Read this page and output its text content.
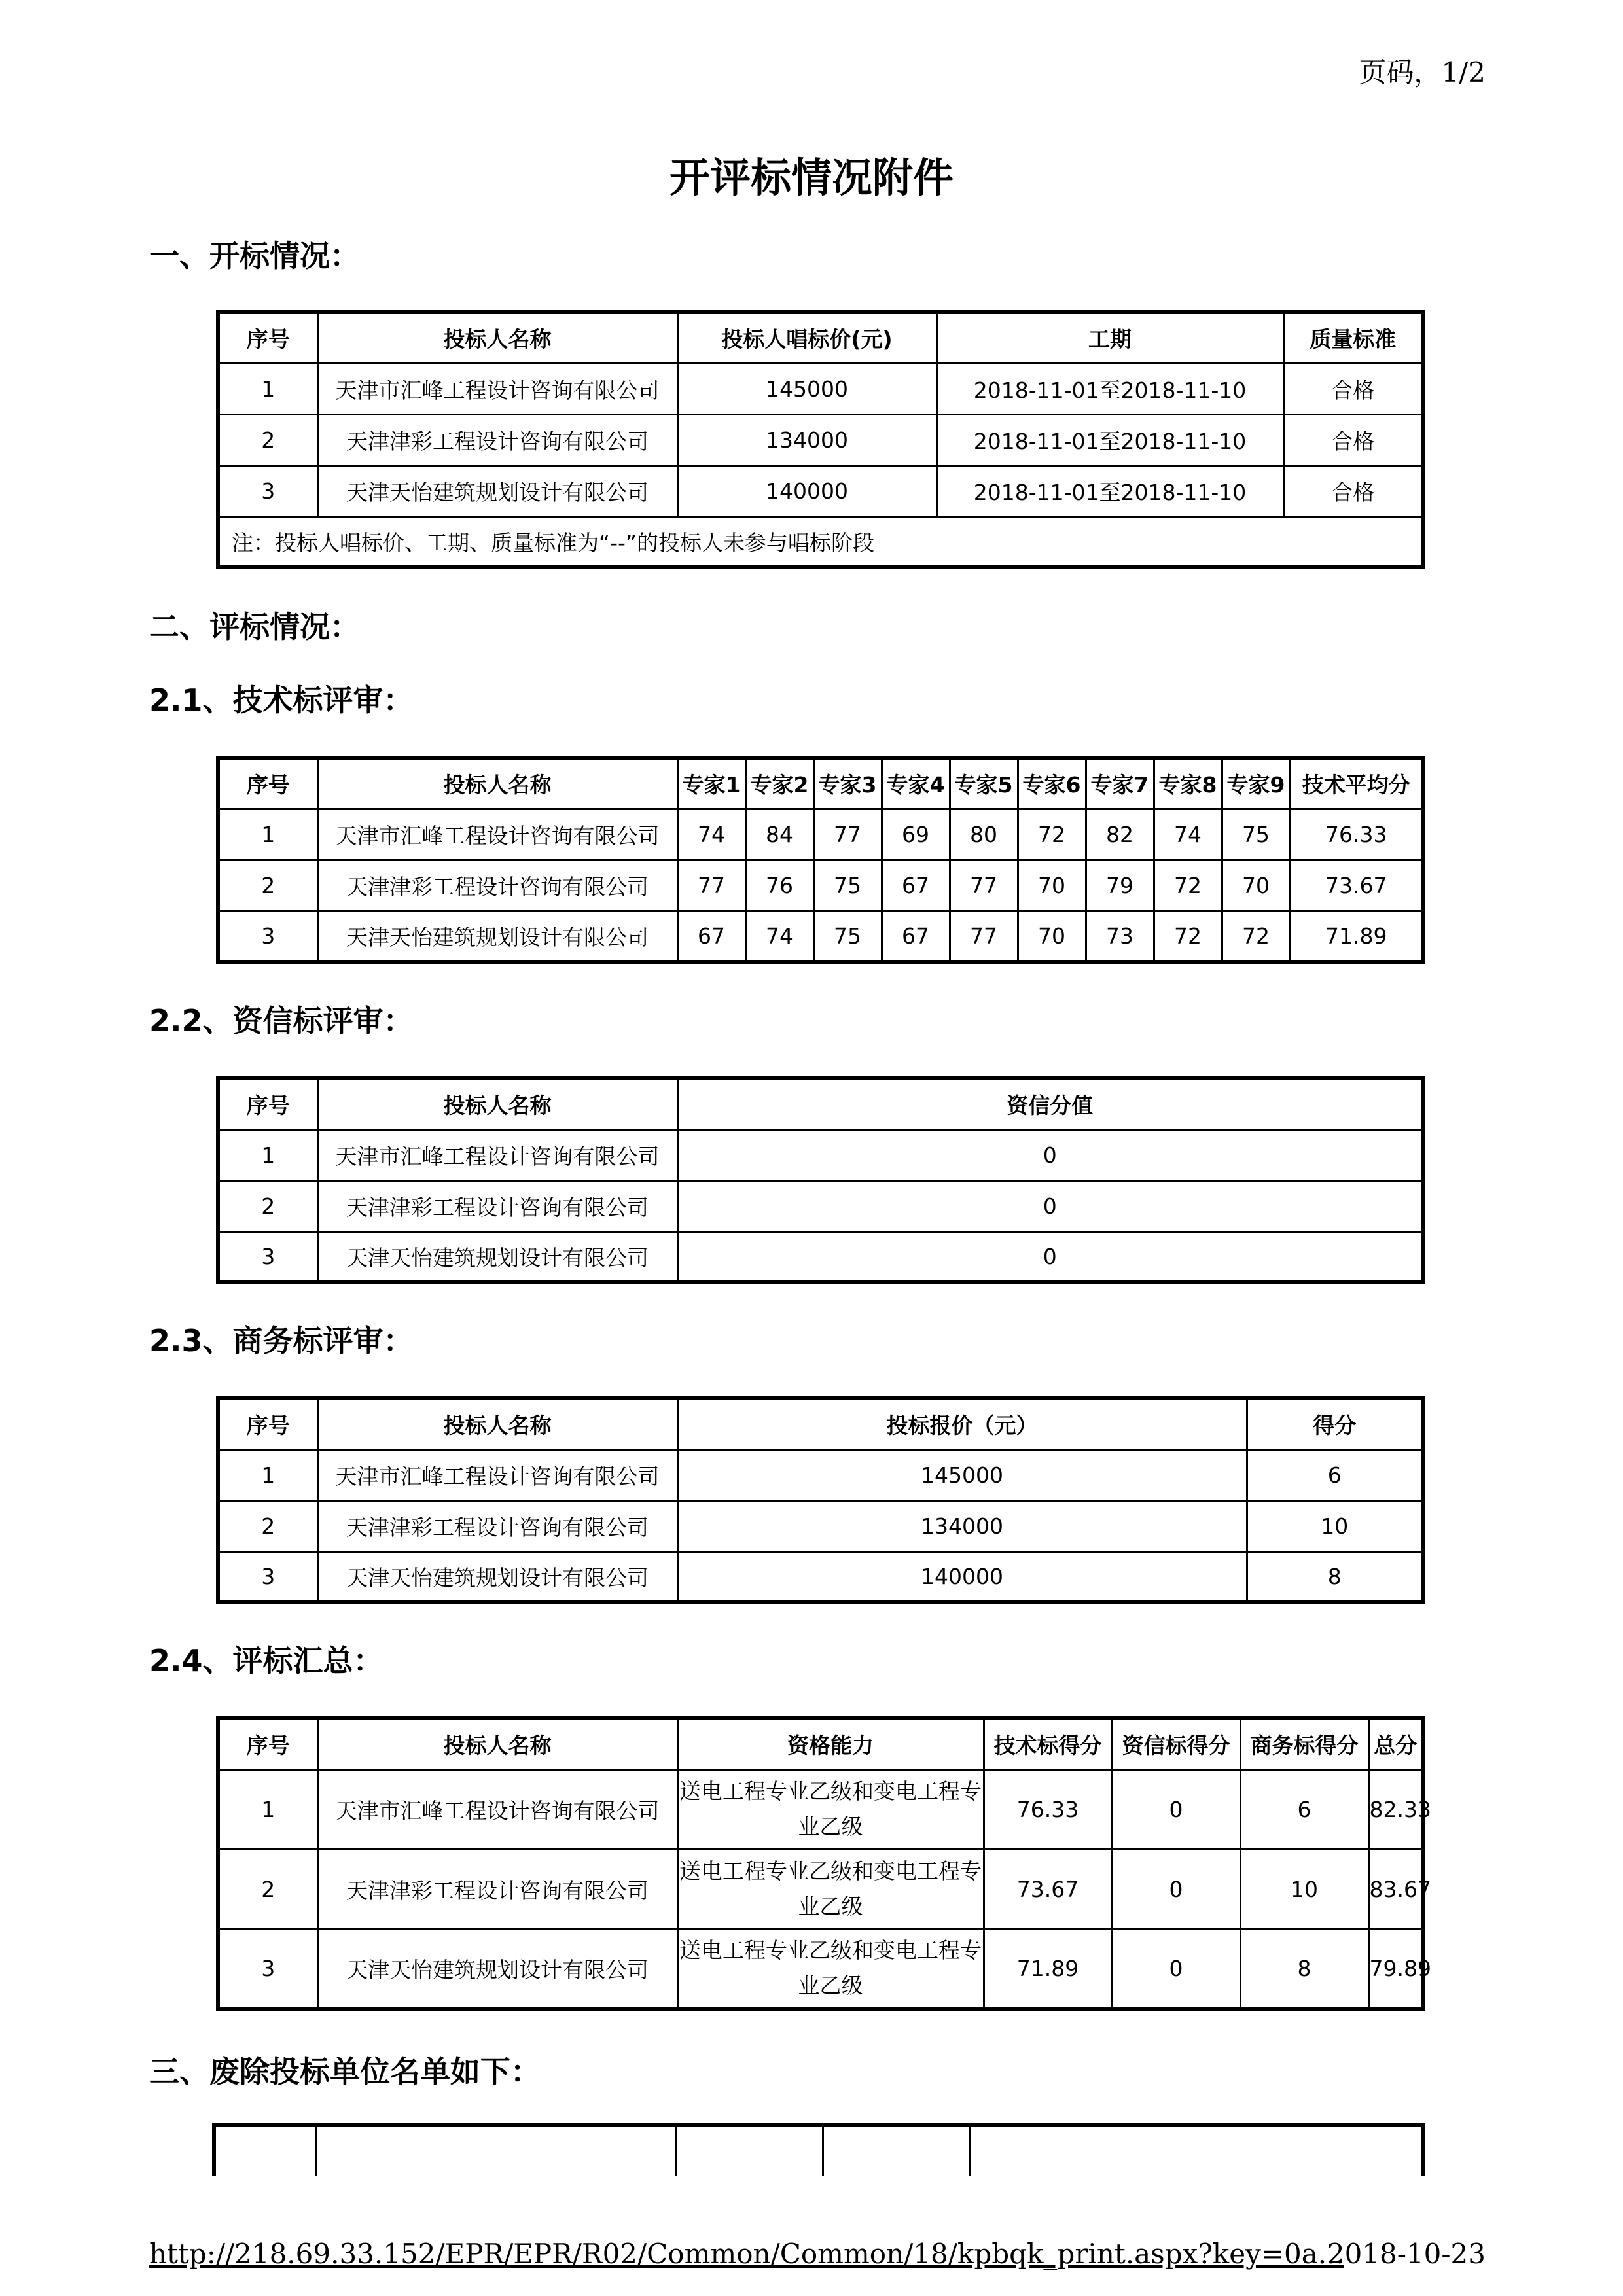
页码，1/2
开评标情况附件
一、开标情况：
序号	投标人名称	投标人唱标价(元)	工期	质量标准
1	天津市汇峰工程设计咨询有限公司	145000	2018-11-01至2018-11-10	合格
2	天津津彩工程设计咨询有限公司	134000	2018-11-01至2018-11-10	合格
3	天津天怡建筑规划设计有限公司	140000	2018-11-01至2018-11-10	合格
注：投标人唱标价、工期、质量标准为“--”的投标人未参与唱标阶段				
二、评标情况：
2.1、技术标评审：
序号	投标人名称	专家1	专家2	专家3	专家4	专家5	专家6	专家7	专家8	专家9	技术平均分
1	天津市汇峰工程设计咨询有限公司	74	84	77	69	80	72	82	74	75	76.33
2	天津津彩工程设计咨询有限公司	77	76	75	67	77	70	79	72	70	73.67
3	天津天怡建筑规划设计有限公司	67	74	75	67	77	70	73	72	72	71.89
2.2、资信标评审：
序号	投标人名称	资信分值
1	天津市汇峰工程设计咨询有限公司	0
2	天津津彩工程设计咨询有限公司	0
3	天津天怡建筑规划设计有限公司	0
2.3、商务标评审：
序号	投标人名称	投标报价（元）	得分
1	天津市汇峰工程设计咨询有限公司	145000	6
2	天津津彩工程设计咨询有限公司	134000	10
3	天津天怡建筑规划设计有限公司	140000	8
2.4、评标汇总：
序号	投标人名称	资格能力	技术标得分	资信标得分	商务标得分	总分
1	天津市汇峰工程设计咨询有限公司	送电工程专业乙级和变电工程专业乙级	76.33	0	6	82.33
2	天津津彩工程设计咨询有限公司	送电工程专业乙级和变电工程专业乙级	73.67	0	10	83.67
3	天津天怡建筑规划设计有限公司	送电工程专业乙级和变电工程专业乙级	71.89	0	8	79.89
三、废除投标单位名单如下：
http://218.69.33.152/EPR/EPR/R02/Common/Common/18/kpbqk_print.aspx?key=0a...
2018-10-23
